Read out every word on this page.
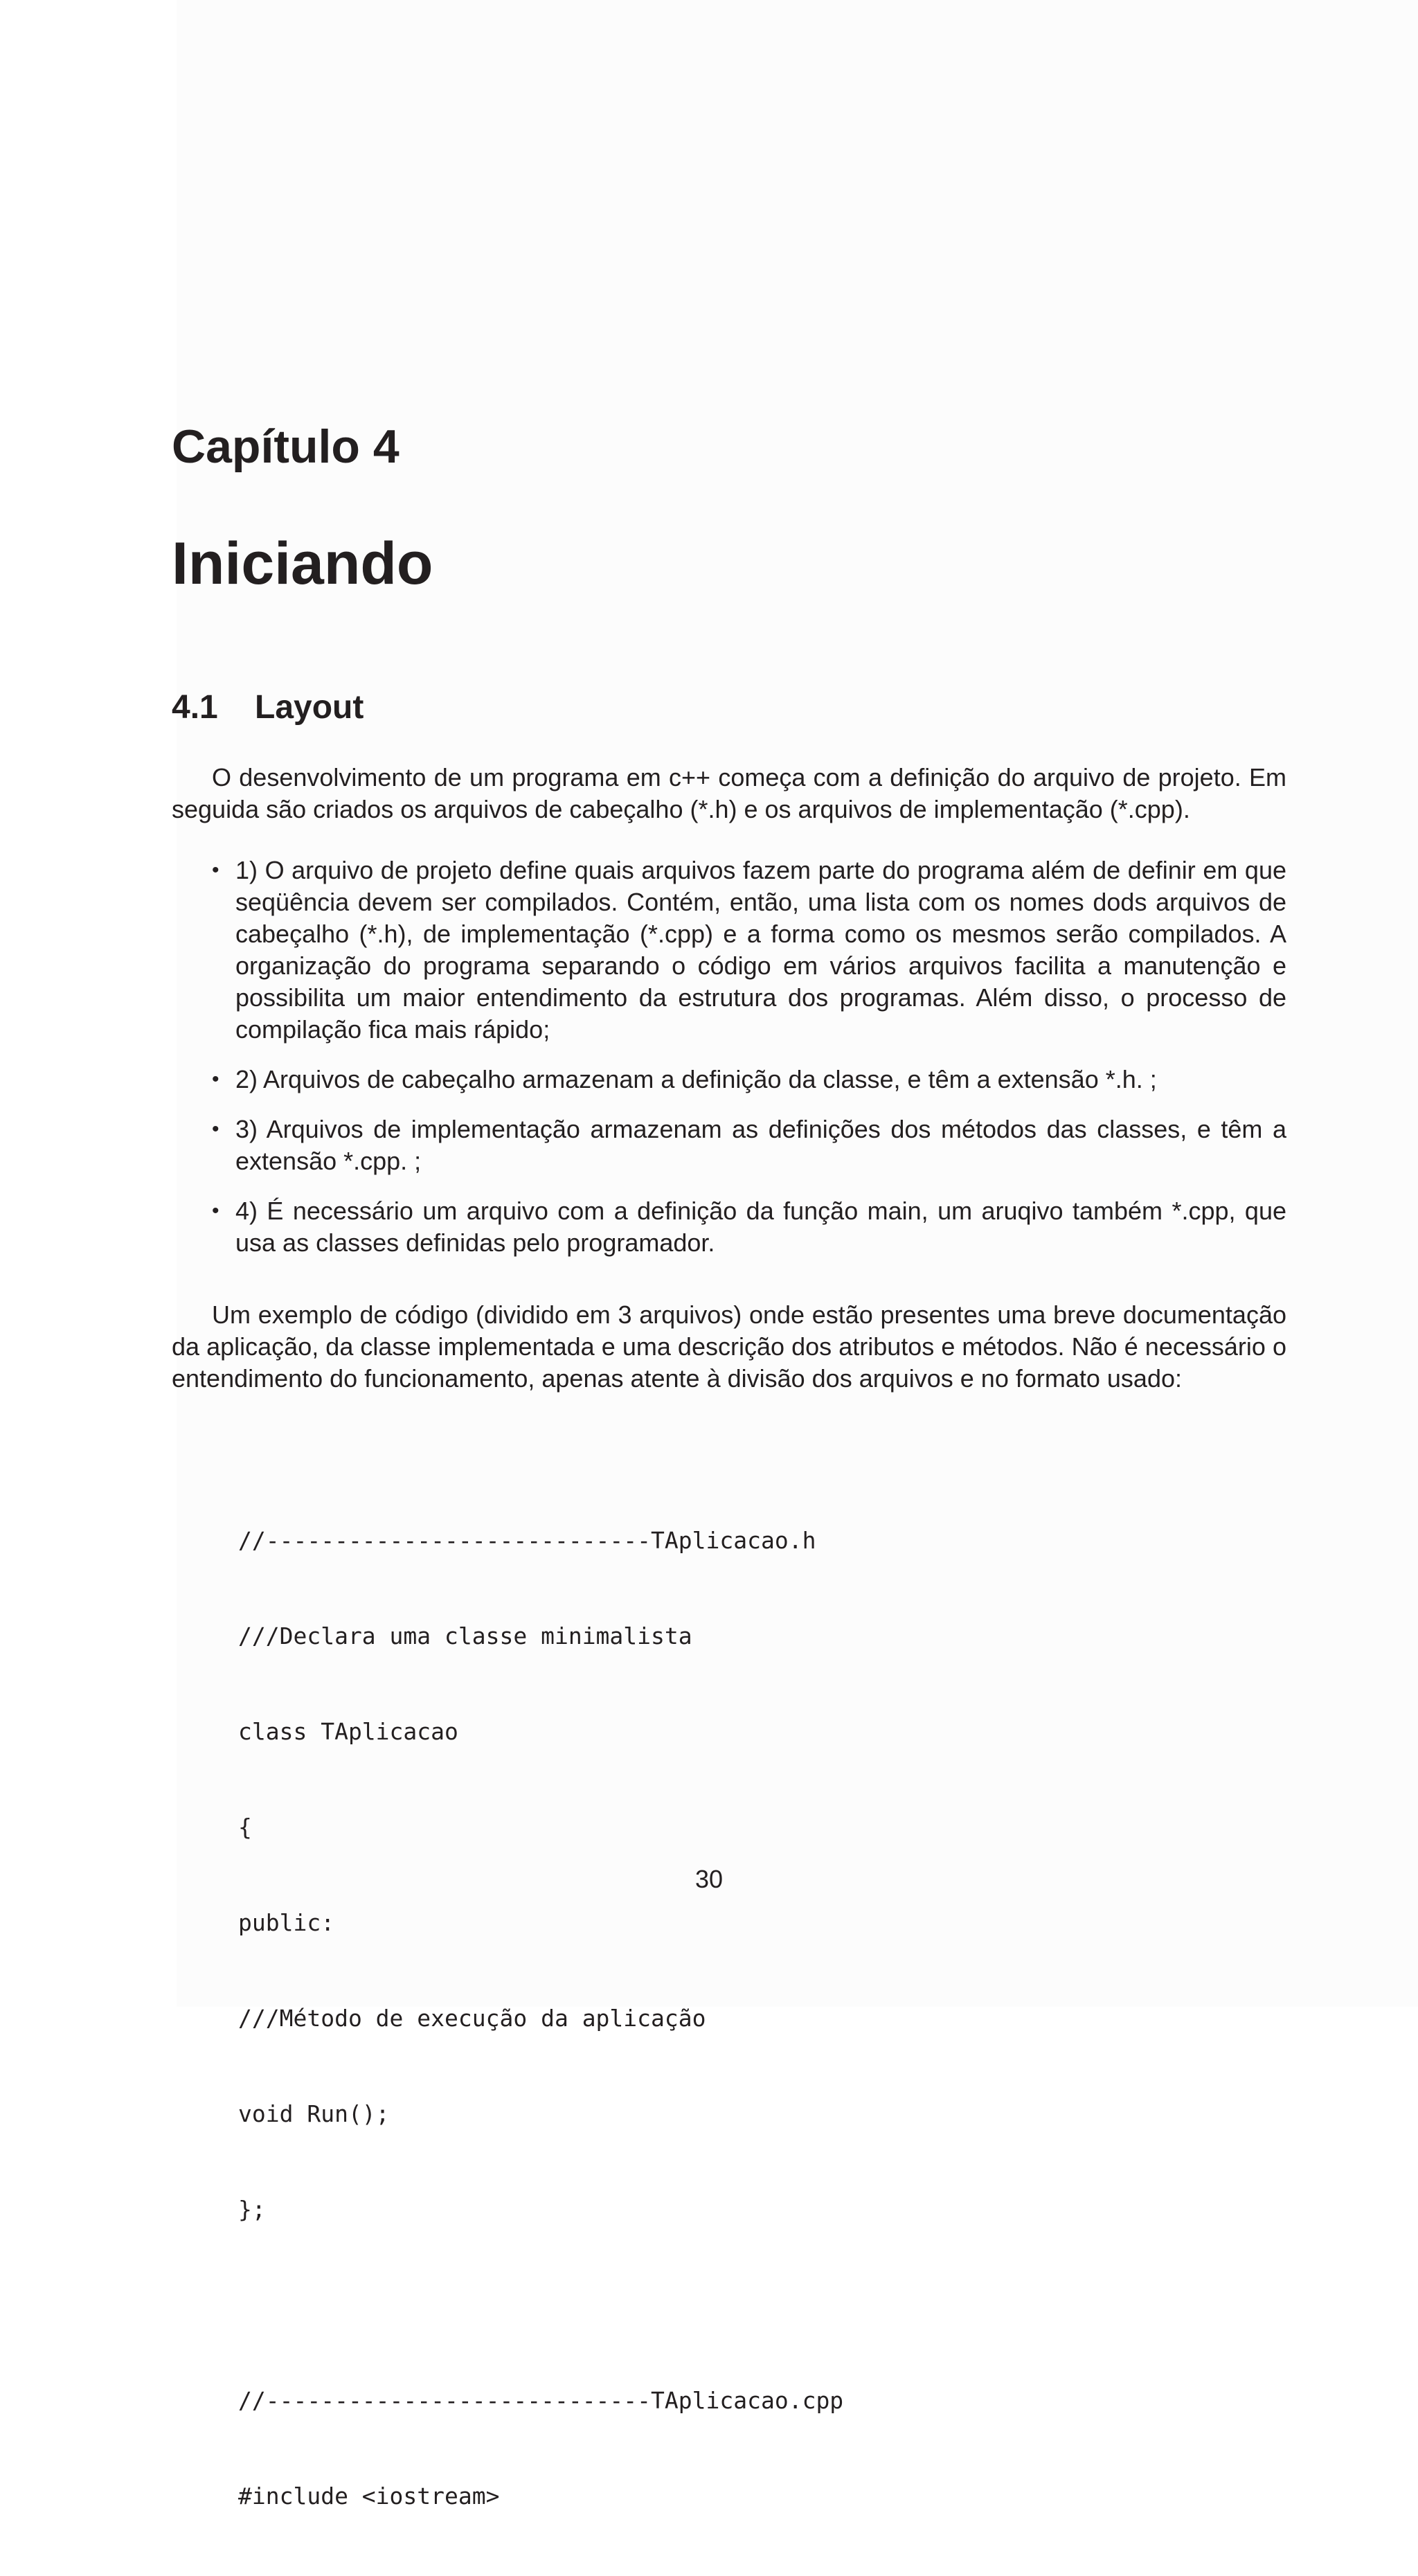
Capítulo 4
Iniciando
4.1 Layout

O desenvolvimento de um programa em c++ começa com a definição do arquivo de projeto. Em seguida são criados os arquivos de cabeçalho (*.h) e os arquivos de implementação (*.cpp).

• 1) O arquivo de projeto define quais arquivos fazem parte do programa além de definir em que seqüência devem ser compilados. Contém, então, uma lista com os nomes dods arquivos de cabeçalho (*.h), de implementação (*.cpp) e a forma como os mesmos serão compilados. A organização do programa separando o código em vários arquivos facilita a manutenção e possibilita um maior entendimento da estrutura dos programas. Além disso, o processo de compilação fica mais rápido;
• 2) Arquivos de cabeçalho armazenam a definição da classe, e têm a extensão *.h. ;
• 3) Arquivos de implementação armazenam as definições dos métodos das classes, e têm a extensão *.cpp. ;
• 4) É necessário um arquivo com a definição da função main, um aruqivo também *.cpp, que usa as classes definidas pelo programador.

Um exemplo de código (dividido em 3 arquivos) onde estão presentes uma breve documentação da aplicação, da classe implementada e uma descrição dos atributos e métodos. Não é necessário o entendimento do funcionamento, apenas atente à divisão dos arquivos e no formato usado:

//----------------------------TAplicacao.h

///Declara uma classe minimalista

class TAplicacao

{

public:

///Método de execução da aplicação

void Run();

};

//----------------------------TAplicacao.cpp

#include <iostream>

30
